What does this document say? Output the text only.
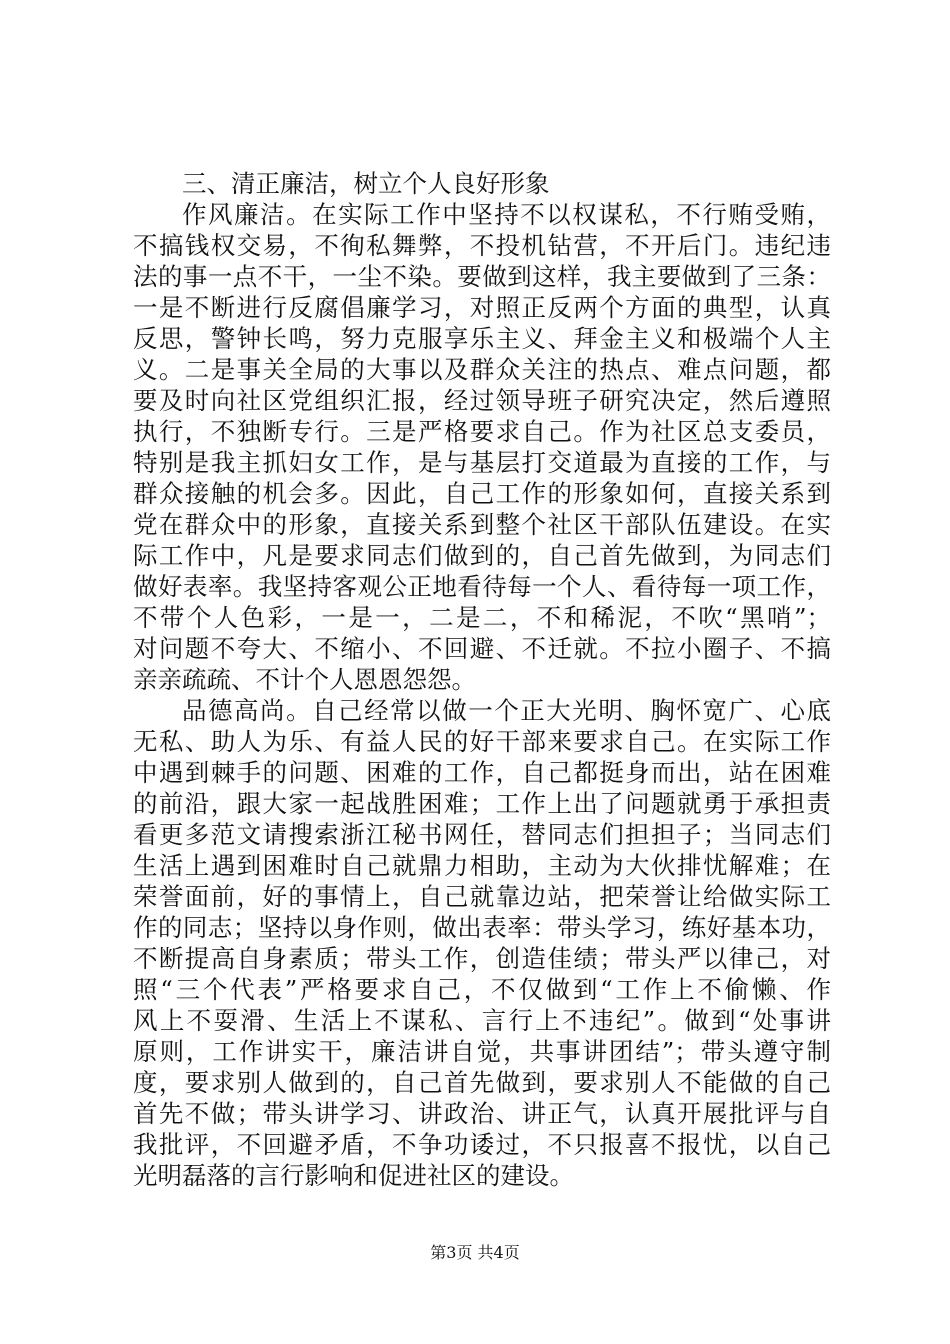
三、清正廉洁，树立个人良好形象

作风廉洁。在实际工作中坚持不以权谋私，不行贿受贿，
不搞钱权交易，不徇私舞弊，不投机钻营，不开后门。违纪违
法的事一点不干，一尘不染。要做到这样，我主要做到了三条：
一是不断进行反腐倡廉学习，对照正反两个方面的典型，认真
反思，警钟长鸣，努力克服享乐主义、拜金主义和极端个人主
义。二是事关全局的大事以及群众关注的热点、难点问题，都
要及时向社区党组织汇报，经过领导班子研究决定，然后遵照
执行，不独断专行。三是严格要求自己。作为社区总支委员，
特别是我主抓妇女工作，是与基层打交道最为直接的工作，与
群众接触的机会多。因此，自己工作的形象如何，直接关系到
党在群众中的形象，直接关系到整个社区干部队伍建设。在实
际工作中，凡是要求同志们做到的，自己首先做到，为同志们
做好表率。我坚持客观公正地看待每一个人、看待每一项工作，
不带个人色彩，一是一，二是二，不和稀泥，不吹“黑哨”；
对问题不夸大、不缩小、不回避、不迁就。不拉小圈子、不搞
亲亲疏疏、不计个人恩恩怨怨。

品德高尚。自己经常以做一个正大光明、胸怀宽广、心底
无私、助人为乐、有益人民的好干部来要求自己。在实际工作
中遇到棘手的问题、困难的工作，自己都挺身而出，站在困难
的前沿，跟大家一起战胜困难；工作上出了问题就勇于承担责
看更多范文请搜索浙江秘书网任，替同志们担担子；当同志们
生活上遇到困难时自己就鼎力相助，主动为大伙排忧解难；在
荣誉面前，好的事情上，自己就靠边站，把荣誉让给做实际工
作的同志；坚持以身作则，做出表率：带头学习，练好基本功，
不断提高自身素质；带头工作，创造佳绩；带头严以律己，对
照“三个代表”严格要求自己，不仅做到“工作上不偷懒、作
风上不耍滑、生活上不谋私、言行上不违纪”。做到“处事讲
原则，工作讲实干，廉洁讲自觉，共事讲团结”；带头遵守制
度，要求别人做到的，自己首先做到，要求别人不能做的自己
首先不做；带头讲学习、讲政治、讲正气，认真开展批评与自
我批评，不回避矛盾，不争功诿过，不只报喜不报忧，以自己
光明磊落的言行影响和促进社区的建设。

第3页 共4页
